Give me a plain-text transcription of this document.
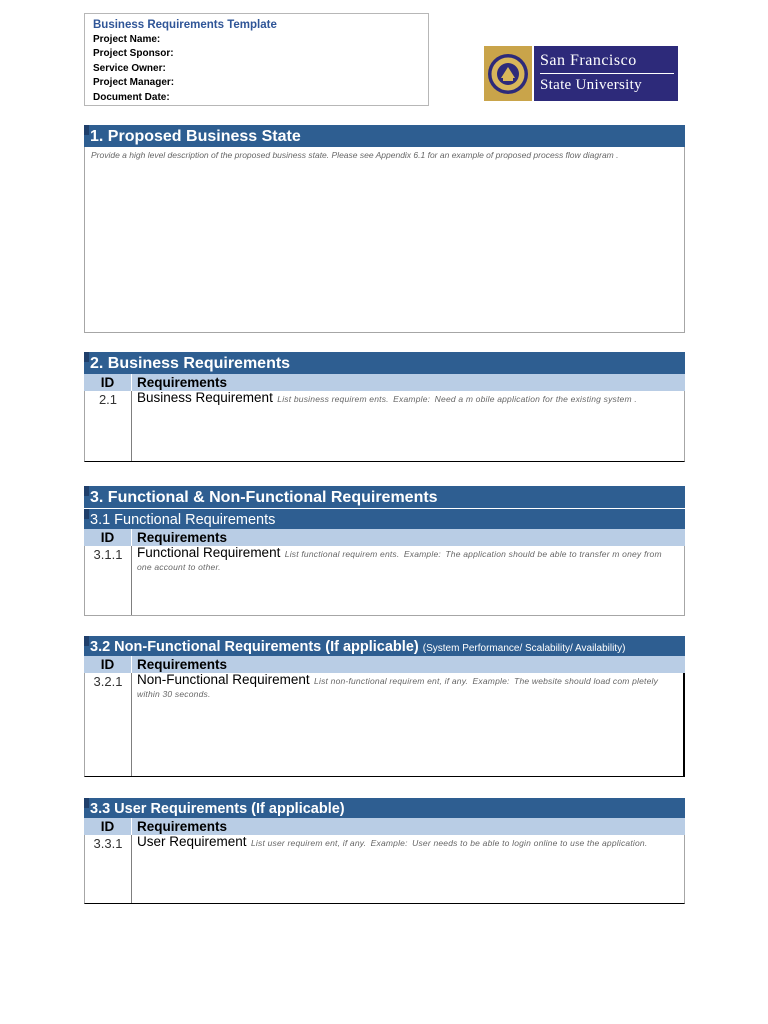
Business Requirements Template
Project Name:
Project Sponsor:
Service Owner:
Project Manager:
Document Date:
San Francisco
State University
1. Proposed Business State
Provide a high level description of the proposed business state. Please see Appendix 6.1 for an example of proposed process flow diagram .
2. Business Requirements
ID	Requirements
2.1	Business Requirement List business requirem ents. Example: Need a m obile application for the existing system .
3. Functional & Non-Functional Requirements
3.1 Functional Requirements
ID	Requirements
3.1.1	Functional Requirement List functional requirem ents. Example: The application should be able to transfer m oney from one account to other.
3.2 Non-Functional Requirements (If applicable) (System Performance/ Scalability/ Availability)
ID	Requirements
3.2.1	Non-Functional Requirement List non-functional requirem ent, if any. Example: The website should load com pletely within 30 seconds.
3.3 User Requirements (If applicable)
ID	Requirements
3.3.1	User Requirement List user requirem ent, if any. Example: User needs to be able to login online to use the application.
